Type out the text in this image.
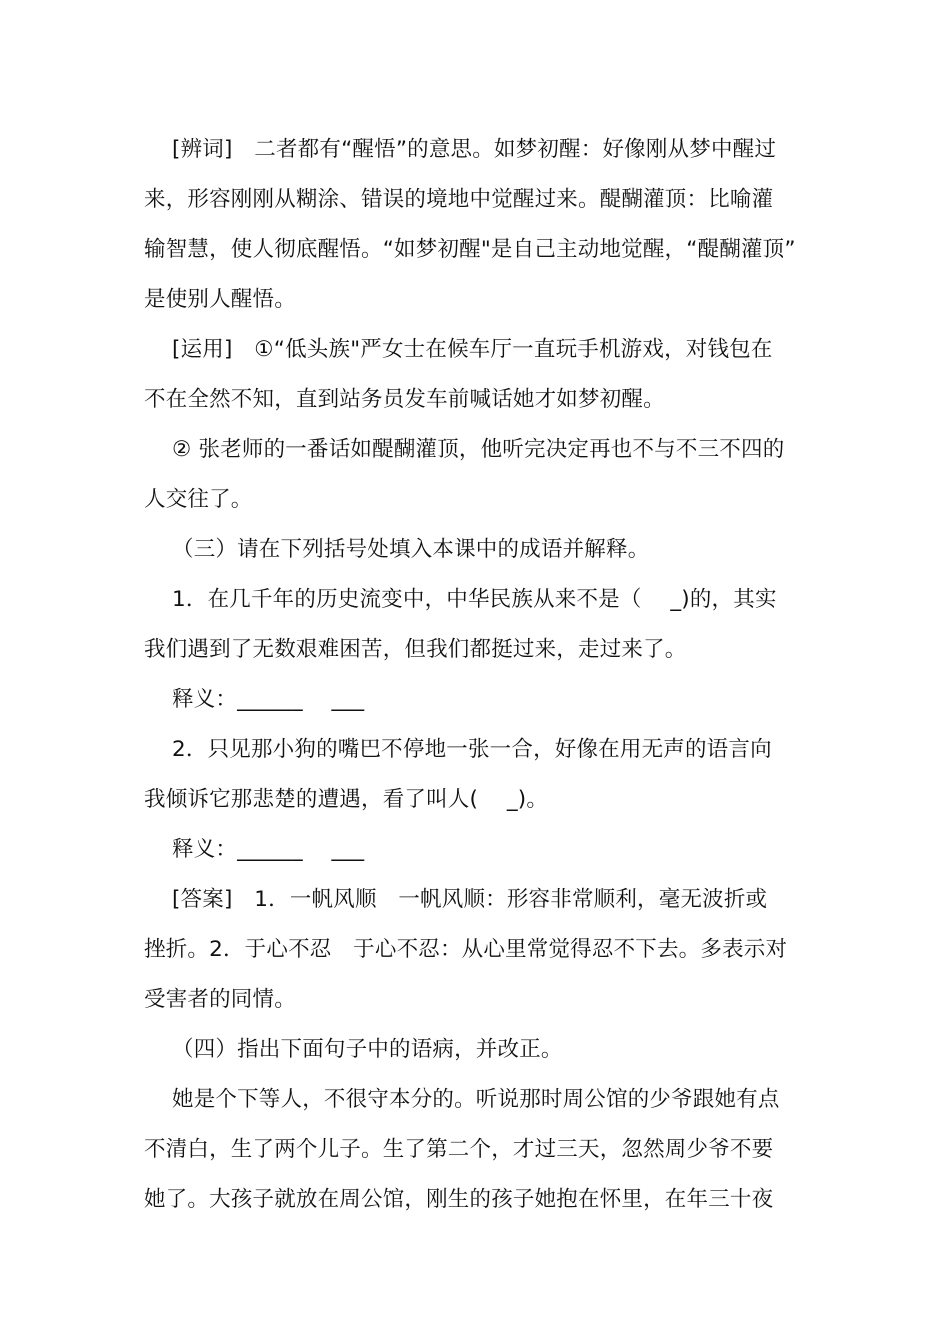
[辨词]　二者都有“醒悟”的意思。如梦初醒：好像刚从梦中醒过
来，形容刚刚从糊涂、错误的境地中觉醒过来。醍醐灌顶：比喻灌
输智慧，使人彻底醒悟。“如梦初醒"是自己主动地觉醒，“醍醐灌顶”
是使别人醒悟。
[运用]　①“低头族"严女士在候车厅一直玩手机游戏，对钱包在
不在全然不知，直到站务员发车前喊话她才如梦初醒。
② 张老师的一番话如醍醐灌顶，他听完决定再也不与不三不四的
人交往了。
（三）请在下列括号处填入本课中的成语并解释。
1．在几千年的历史流变中，中华民族从来不是（　 _)的，其实
我们遇到了无数艰难困苦，但我们都挺过来，走过来了。
释义：______　 ___
2．只见那小狗的嘴巴不停地一张一合，好像在用无声的语言向
我倾诉它那悲楚的遭遇，看了叫人(　 _)。
释义：______　 ___
[答案]　1．一帆风顺　一帆风顺：形容非常顺利，毫无波折或
挫折。2．于心不忍　于心不忍：从心里常觉得忍不下去。多表示对
受害者的同情。
（四）指出下面句子中的语病，并改正。
她是个下等人，不很守本分的。听说那时周公馆的少爷跟她有点
不清白，生了两个儿子。生了第二个，才过三天，忽然周少爷不要
她了。大孩子就放在周公馆，刚生的孩子她抱在怀里，在年三十夜
